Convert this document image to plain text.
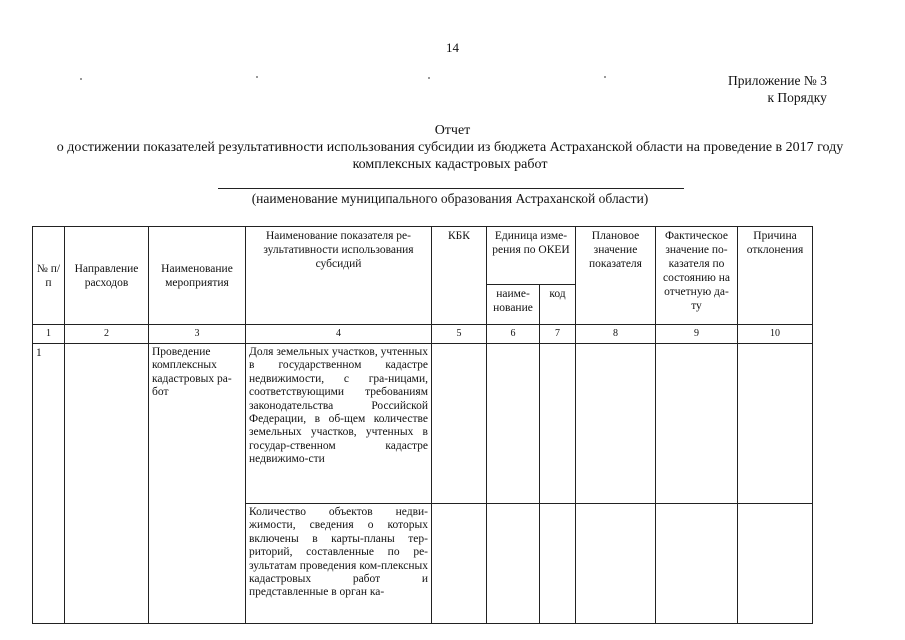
14
Приложение № 3
к Порядку
Отчет
о достижении показателей результативности использования субсидии из бюджета Астраханской области на проведение в 2017 году комплексных кадастровых работ
(наименование муниципального образования Астраханской области)
№ п/п	Направление расходов	Наименование мероприятия	Наименование показателя ре-зультативности использования субсидий	КБК	Единица изме-рения по ОКЕИ		Плановое значение показателя	Фактическое значение по-казателя по состоянию на отчетную да-ту	Причина отклонения
					наиме-нование	код			
1	2	3	4	5	6	7	8	9	10
1		Проведение комплексных кадастровых ра-бот	Доля земельных участков, учтенных в государственном кадастре недвижимости, с гра-ницами, соответствующими требованиям законодательства Российской Федерации, в об-щем количестве земельных участков, учтенных в государ-ственном кадастре недвижимо-сти						
			Количество объектов недви-жимости, сведения о которых включены в карты-планы тер-риторий, составленные по ре-зультатам проведения ком-плексных кадастровых работ и представленные в орган ка-						
